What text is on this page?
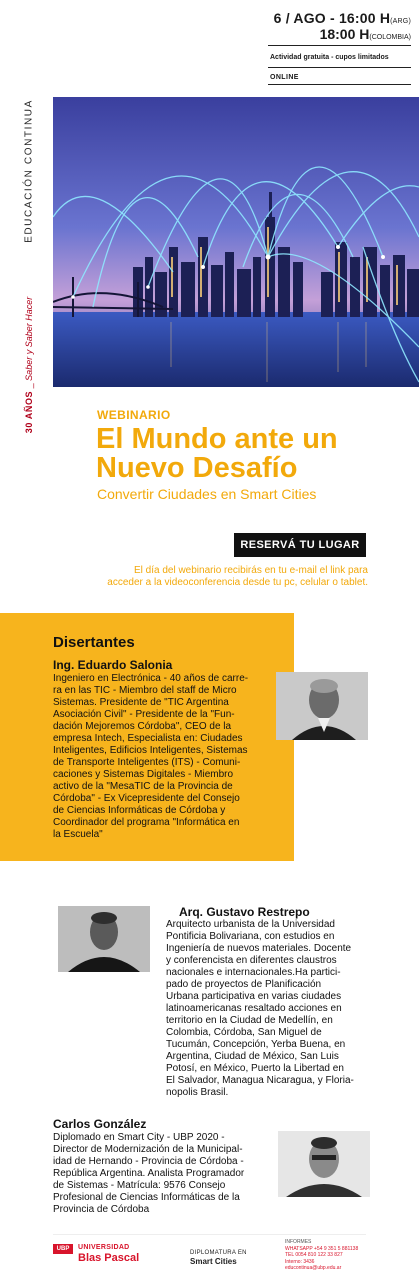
6 / AGO - 16:00 H(ARG)
18:00 H(COLOMBIA)
Actividad gratuita - cupos limitados
ONLINE
EDUCACIÓN CONTINUA
30 AÑOS _ Saber y Saber Hacer
WEBINARIO
El Mundo ante un
Nuevo Desafío
Convertir Ciudades en Smart Cities
RESERVÁ TU LUGAR
El día del webinario recibirás en tu e-mail el link para
acceder a la videoconferencia desde tu pc, celular o tablet.
Disertantes
Ing. Eduardo Salonia
Ingeniero en Electrónica - 40 años de carre-
ra en las TIC - Miembro del staff de Micro
Sistemas. Presidente de "TIC Argentina
Asociación Civil" - Presidente de la "Fun-
dación Mejoremos Córdoba", CEO de la
empresa Intech, Especialista en: Ciudades
Inteligentes, Edificios Inteligentes, Sistemas
de Transporte Inteligentes (ITS) - Comuni-
caciones y Sistemas Digitales - Miembro
activo de la "MesaTIC de la Provincia de
Córdoba" - Ex Vicepresidente del Consejo
de Ciencias Informáticas de Córdoba y
Coordinador del programa "Informática en
la Escuela"
Arq. Gustavo Restrepo
Arquitecto urbanista de la Universidad
Pontificia Bolivariana, con estudios en
Ingeniería de nuevos materiales. Docente
y conferencista en diferentes claustros
nacionales e internacionales.Ha partici-
pado de proyectos de Planificación
Urbana participativa en varias ciudades
latinoamericanas resaltado acciones en
territorio en la Ciudad de Medellín, en
Colombia, Córdoba, San Miguel de
Tucumán, Concepción, Yerba Buena, en
Argentina, Ciudad de México, San Luis
Potosí, en México, Puerto la Libertad en
El Salvador, Managua Nicaragua, y Floria-
nopolis Brasil.
Carlos González
Diplomado en Smart City - UBP 2020 -
Director de Modernización de la Municipal-
idad de Hernando - Provincia de Córdoba -
República Argentina. Analista Programador
de Sistemas - Matrícula: 9576 Consejo
Profesional de Ciencias Informáticas de la
Provincia de Córdoba
UBP	UNIVERSIDAD
Blas Pascal	DIPLOMATURA EN
Smart Cities
INFORMES
WHATSAPP +54 9 351 5 881138
TEL 0054 810 122 33 827
Interno: 3436
educontinua@ubp.edu.ar
